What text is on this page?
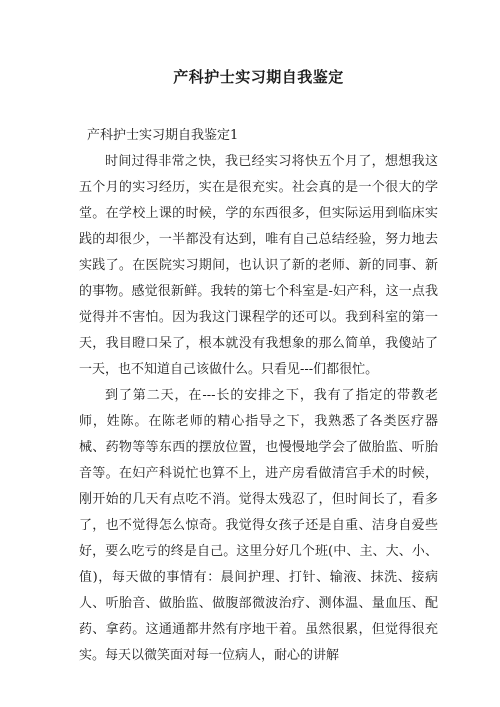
产科护士实习期自我鉴定

产科护士实习期自我鉴定1

时间过得非常之快，我已经实习将快五个月了，想想我这五个月的实习经历，实在是很充实。社会真的是一个很大的学堂。在学校上课的时候，学的东西很多，但实际运用到临床实践的却很少，一半都没有达到，唯有自己总结经验，努力地去实践了。在医院实习期间，也认识了新的老师、新的同事、新的事物。感觉很新鲜。我转的第七个科室是-妇产科，这一点我觉得并不害怕。因为我这门课程学的还可以。我到科室的第一天，我目瞪口呆了，根本就没有我想象的那么简单，我傻站了一天，也不知道自己该做什么。只看见---们都很忙。

到了第二天，在---长的安排之下，我有了指定的带教老师，姓陈。在陈老师的精心指导之下，我熟悉了各类医疗器械、药物等等东西的摆放位置，也慢慢地学会了做胎监、听胎音等。在妇产科说忙也算不上，进产房看做清宫手术的时候，刚开始的几天有点吃不消。觉得太残忍了，但时间长了，看多了，也不觉得怎么惊奇。我觉得女孩子还是自重、洁身自爱些好，要么吃亏的终是自己。这里分好几个班(中、主、大、小、值)，每天做的事情有：晨间护理、打针、输液、抹洗、接病人、听胎音、做胎监、做腹部微波治疗、测体温、量血压、配药、拿药。这通通都井然有序地干着。虽然很累，但觉得很充实。每天以微笑面对每一位病人，耐心的讲解
